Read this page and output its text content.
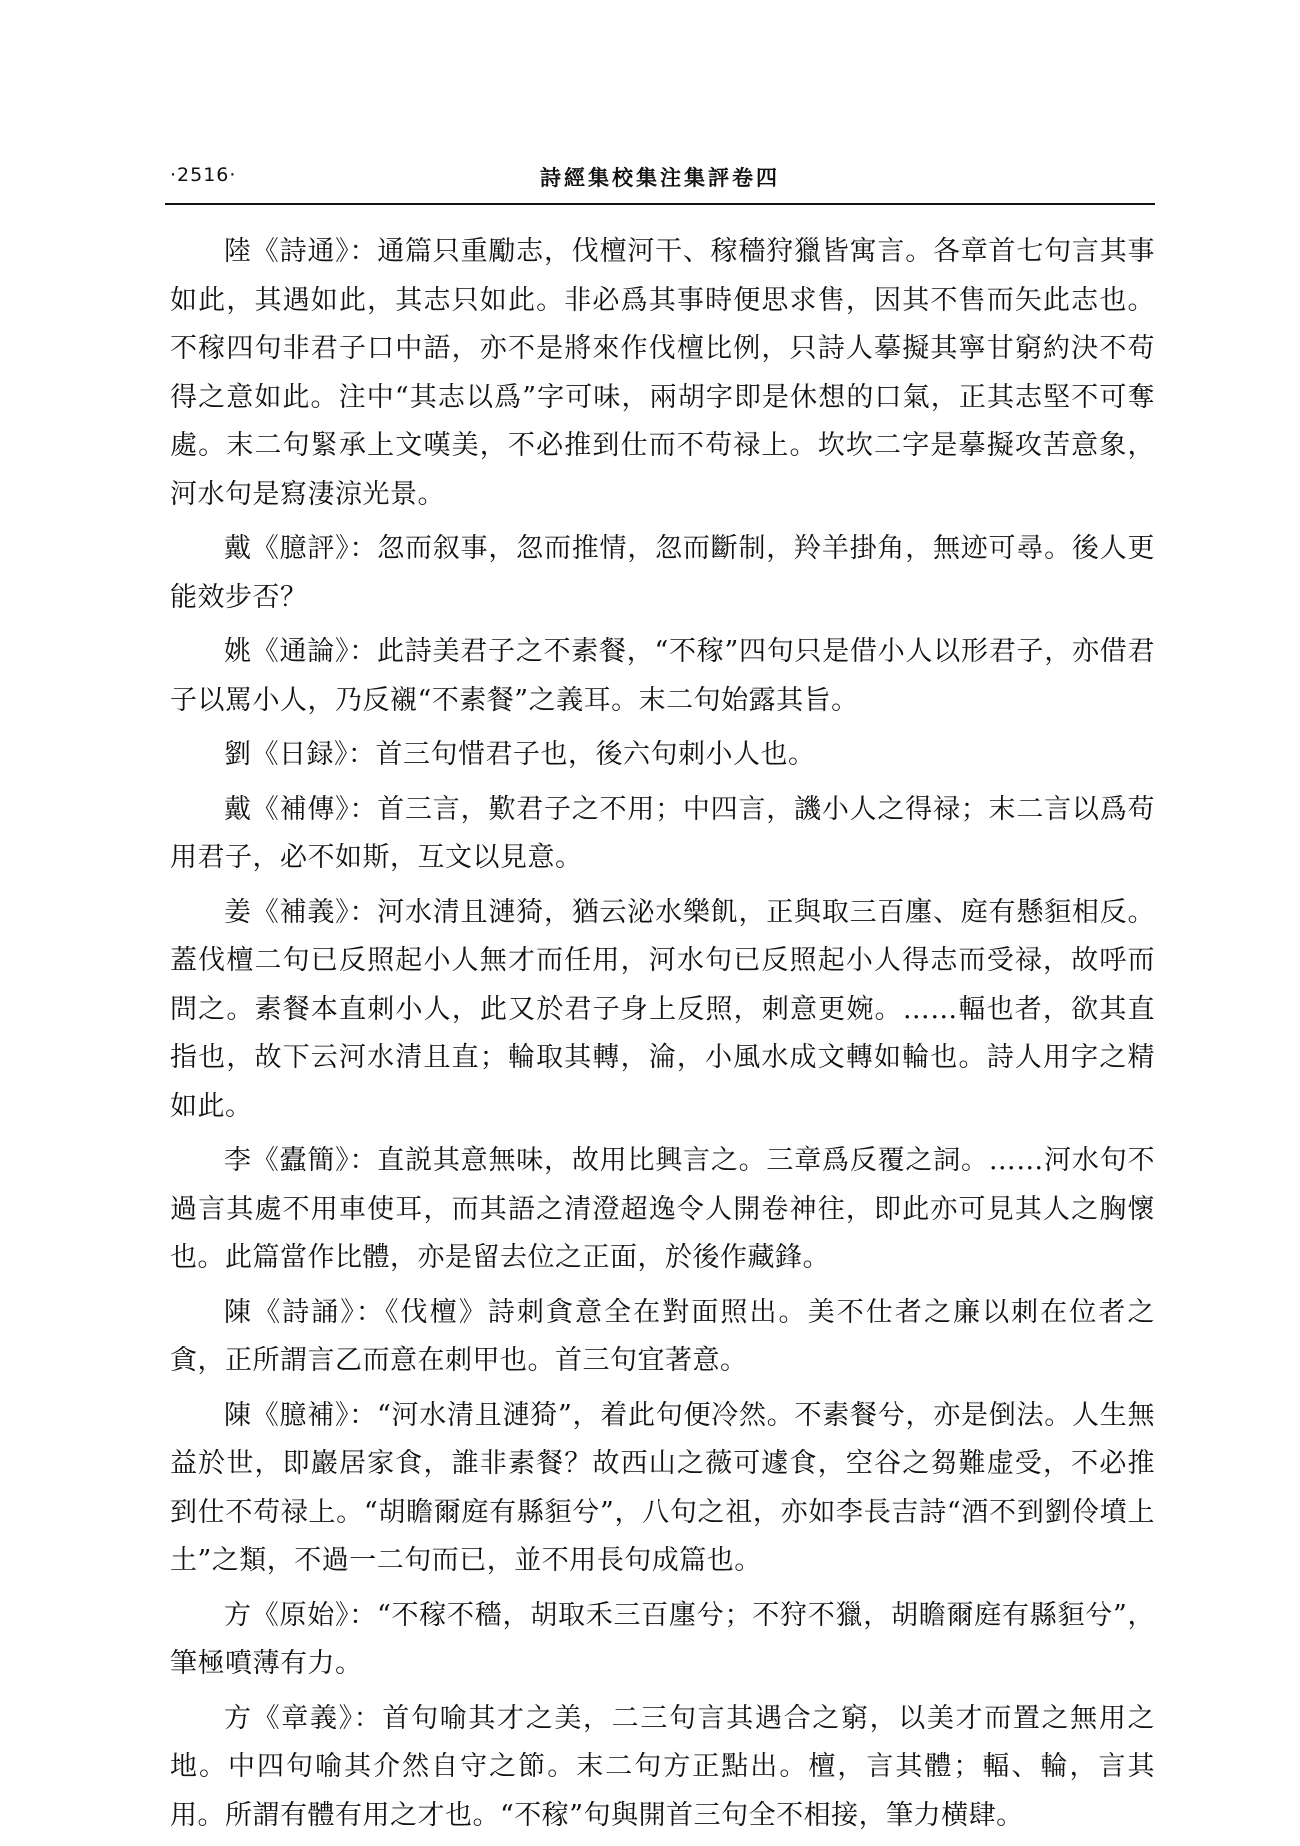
·2516·	詩經集校集注集評卷四

陸《詩通》：通篇只重勵志，伐檀河干、稼穡狩獵皆寓言。各章首七句言其事如此，其遇如此，其志只如此。非必爲其事時便思求售，因其不售而矢此志也。不稼四句非君子口中語，亦不是將來作伐檀比例，只詩人摹擬其寧甘窮約決不苟得之意如此。注中“其志以爲”字可味，兩胡字即是休想的口氣，正其志堅不可奪處。末二句緊承上文嘆美，不必推到仕而不苟禄上。坎坎二字是摹擬攻苦意象，河水句是寫淒涼光景。

戴《臆評》：忽而叙事，忽而推情，忽而斷制，羚羊掛角，無迹可尋。後人更能效步否？

姚《通論》：此詩美君子之不素餐，“不稼”四句只是借小人以形君子，亦借君子以罵小人，乃反襯“不素餐”之義耳。末二句始露其旨。

劉《日録》：首三句惜君子也，後六句刺小人也。

戴《補傳》：首三言，歎君子之不用；中四言，譏小人之得禄；末二言以爲苟用君子，必不如斯，互文以見意。

姜《補義》：河水清且漣猗，猶云泌水樂飢，正與取三百廛、庭有懸貆相反。蓋伐檀二句已反照起小人無才而任用，河水句已反照起小人得志而受禄，故呼而問之。素餐本直刺小人，此又於君子身上反照，刺意更婉。……輻也者，欲其直指也，故下云河水清且直；輪取其轉，淪，小風水成文轉如輪也。詩人用字之精如此。

李《蠹簡》：直説其意無味，故用比興言之。三章爲反覆之詞。……河水句不過言其處不用車使耳，而其語之清澄超逸令人開卷神往，即此亦可見其人之胸懷也。此篇當作比體，亦是留去位之正面，於後作藏鋒。

陳《詩誦》：《伐檀》詩刺貪意全在對面照出。美不仕者之廉以刺在位者之貪，正所謂言乙而意在刺甲也。首三句宜著意。

陳《臆補》：“河水清且漣猗”，着此句便冷然。不素餐兮，亦是倒法。人生無益於世，即巖居家食，誰非素餐？故西山之薇可遽食，空谷之芻難虚受，不必推到仕不苟禄上。“胡瞻爾庭有縣貆兮”，八句之祖，亦如李長吉詩“酒不到劉伶墳上土”之類，不過一二句而已，並不用長句成篇也。

方《原始》：“不稼不穡，胡取禾三百廛兮；不狩不獵，胡瞻爾庭有縣貆兮”，筆極噴薄有力。

方《章義》：首句喻其才之美，二三句言其遇合之窮，以美才而置之無用之地。中四句喻其介然自守之節。末二句方正點出。檀，言其體；輻、輪，言其用。所謂有體有用之才也。“不稼”句與開首三句全不相接，筆力横肆。
